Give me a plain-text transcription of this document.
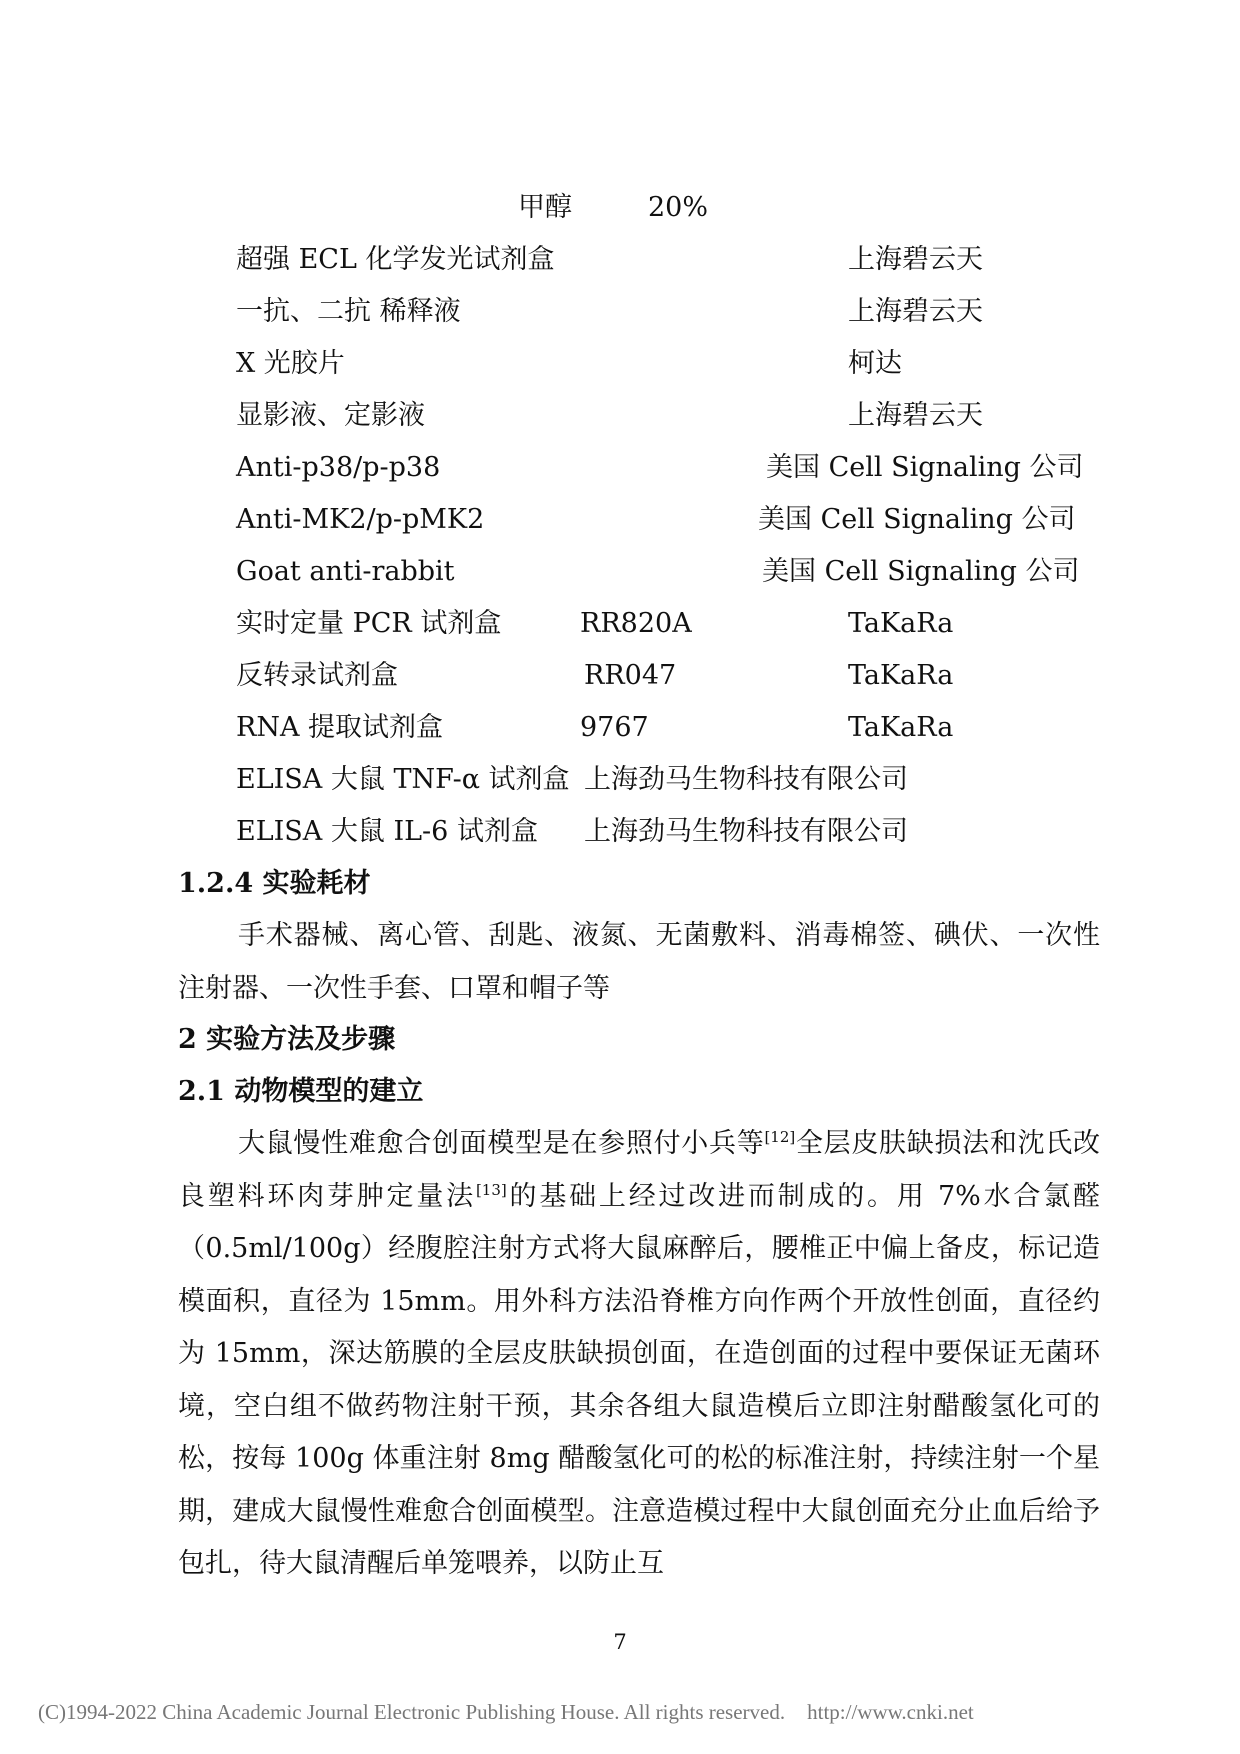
甲醇	20%
超强 ECL 化学发光试剂盒	上海碧云天
一抗、二抗 稀释液	上海碧云天
X 光胶片	柯达
显影液、定影液	上海碧云天
Anti-p38/p-p38	美国 Cell Signaling 公司
Anti-MK2/p-pMK2	美国 Cell Signaling 公司
Goat anti-rabbit	美国 Cell Signaling 公司
实时定量 PCR 试剂盒	RR820A	TaKaRa
反转录试剂盒	RR047	TaKaRa
RNA 提取试剂盒	9767	TaKaRa
ELISA 大鼠 TNF-α 试剂盒 上海劲马生物科技有限公司
ELISA 大鼠 IL-6 试剂盒 上海劲马生物科技有限公司
1.2.4 实验耗材

手术器械、离心管、刮匙、液氮、无菌敷料、消毒棉签、碘伏、一次性注射器、一次性手套、口罩和帽子等

2 实验方法及步骤
2.1 动物模型的建立

大鼠慢性难愈合创面模型是在参照付小兵等[12]全层皮肤缺损法和沈氏改良塑料环肉芽肿定量法[13]的基础上经过改进而制成的。用 7%水合氯醛（0.5ml/100g）经腹腔注射方式将大鼠麻醉后，腰椎正中偏上备皮，标记造模面积，直径为 15mm。用外科方法沿脊椎方向作两个开放性创面，直径约为 15mm，深达筋膜的全层皮肤缺损创面，在造创面的过程中要保证无菌环境，空白组不做药物注射干预，其余各组大鼠造模后立即注射醋酸氢化可的松，按每 100g 体重注射 8mg 醋酸氢化可的松的标准注射，持续注射一个星期，建成大鼠慢性难愈合创面模型。注意造模过程中大鼠创面充分止血后给予包扎，待大鼠清醒后单笼喂养，以防止互

7
(C)1994-2022 China Academic Journal Electronic Publishing House. All rights reserved. http://www.cnki.net
